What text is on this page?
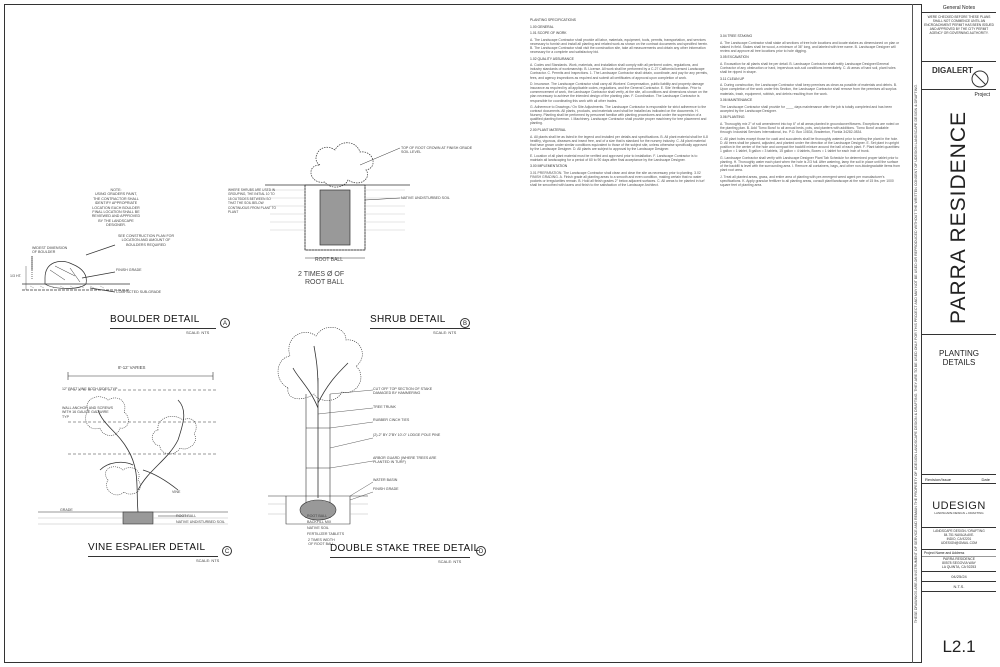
TOP OF ROOT CROWN AT FINISH GRADE SOIL LEVEL
NATIVE UNDISTURBED SOIL
WHERE SHRUBS ARE USED IN GROUPING, THE INITIAL 10 TO 18 OUTSIDES BETWEEN SO THAT THE SOIL BELOW CONTINUOUS FROM PLANT TO PLANT
ROOT BALL
2 TIMES Ø OF
ROOT BALL
SHRUB DETAIL
SCALE: NTS
B
NOTE:
USING GRADERS PAINT,
THE CONTRACTOR SHALL
IDENTIFY APPROPRIATE
LOCATION EACH BOULDER
FINAL LOCATION SHALL BE
REVIEWED AND APPROVED
BY THE LANDSCAPE
DESIGNER.
WIDEST DIMENSION OF BOULDER
SEE CONSTRUCTION PLAN FOR LOCATION AND AMOUNT OF BOULDERS REQUIRED
FINISH GRADE
COMPACTED SUB-GRADE
1/3 HT.
BOULDER DETAIL
SCALE: NTS
A
8'-12' VARIES
12" PAST VINE BOTH SIDES TYP
WALL ANCHOR AND SCREWS WITH 16 GAUGE GAL WIRE TYP
VINE
GRADE
ROOT BALL
NATIVE UNDISTURBED SOIL
VINE ESPALIER DETAIL
SCALE: NTS
C
CUT OFF TOP SECTION OF STAKE DAMAGED BY HAMMERING
TREE TRUNK
RUBBER CINCH TIES
(2)-2" BY 2"BY 10'-0" LODGE POLE PINE
ARBOR GUARD (WHERE TREES ARE PLANTED IN TURF)
WATER BASIN
FINISH GRADE
ROOT BALL
BACKFILL MIX
NATIVE SOIL
FERTILIZER TABLETS
2 TIMES WIDTH
OF ROOT BALL
DOUBLE STAKE TREE DETAIL
SCALE: NTS
D

PLANTING SPECIFICATIONS

1.00 GENERAL

1.01 SCOPE OF WORK

A. The Landscape Contractor shall provide all labor, materials, equipment, tools, permits, transportation, and services necessary to furnish and install all planting and related work as shown on the contract documents and specified herein. B. The Landscape Contractor shall visit the construction site, take all measurements and obtain any other information necessary for a complete and satisfactory bid.

1.02 QUALITY ASSURANCE

A. Codes and Standards. Work, materials, and installation shall comply with all pertinent codes, regulations, and industry standards of workmanship. B. License. All work shall be performed by a C-27 California licensed Landscape Contractor. C. Permits and Inspections. 1. The Landscape Contractor shall obtain, coordinate, and pay for any permits, fees, and agency inspections as required and submit all certificates of approval upon completion of work.

D. Insurance. The Landscape Contractor shall carry all Workers' Compensation, public liability and property damage insurance as required by all applicable codes, regulations, and the General Contractor. E. Site Verification. Prior to commencement of work, the Landscape Contractor shall verify, at the site, all conditions and dimensions shown on the plan necessary to achieve the intended design of the planting plan. F. Coordination. The Landscape Contractor is responsible for coordinating this work with all other trades.

G. Adherence to Drawings / On Site Adjustments. The Landscape Contractor is responsible for strict adherence to the contract documents. All plants, products, and materials used shall be installed as indicated on the documents. H. Nursery. Planting shall be performed by personnel familiar with planting procedures and under the supervision of a qualified planting foreman. I. Machinery. Landscape Contractor shall provide proper machinery for tree placement and planting.

2.00 PLANT MATERIAL

A. All plants shall be as listed in the legend and installed per details and specifications. B. All plant material shall be 6-8 healthy, vigorous, diseases and insect free, and of a size that is standard for the nursery industry. C. All plant material that have grown under similar conditions equivalent to those of the subject site, unless otherwise specifically approved by the Landscape Designer. D. All plants are subject to approval by the Landscape Designer.

E. Location of all plant material must be verified and approved prior to installation. F. Landscape Contractor is to maintain all landscaping for a period of 60 to 90 days after final acceptance by the Landscape Designer.

3.00 IMPLEMENTATION

3.01 PREPARATION. The Landscape Contractor shall clean and clear the site as necessary prior to planting. 3.02 FINISH GRADING. A. Finish grade all planting areas to a smooth and even condition, making certain that no water pockets or irregularities remain. B. Hold all finish grades 2" below adjacent surfaces. C. All areas to be planted in turf shall be smoothed with lawns and finish to the satisfaction of the Landscape Architect.

3.04 TREE STAKING

A. The Landscape Contractor shall stake all sections of tree hole locations and locate stakes as dimensioned on plan or staked in field. Stakes shall be wood, a minimum of 36" long, and labeled with tree name. B. Landscape Designer will review and approve all tree locations prior to hole digging.

3.05 EXCAVATION

A. Excavation for all plants shall be per detail. B. Landscape Contractor shall notify Landscape Designer/General Contractor of any obstruction or hard, impervious sub-soil conditions immediately. C. At areas of hard soil, plant holes shall be ripped in shape.

3.11 CLEAN UP

A. During construction, the Landscape Contractor shall keep premises as clean as possible of materials and debris. B. Upon completion of the work under this Section, the Landscape Contractor shall remove from the premises all surplus materials, trash, equipment, rubbish, and debris resulting from the work.

3.06 MAINTENANCE

The Landscape Contractor shall provide for ____ days maintenance after the job is totally completed and has been accepted by the Landscape Designer.

3.06 PLANTING

A. Thoroughly mix 2" of soil amendment into top 6" of all areas planted in groundcover/flowers. Exceptions are noted on the planting plan. B. Add 'Tomo Bond' to all annual beds, pots, and planters with additions. 'Tomo Bond' available through: Industrial Services International, Inc. P.O. Box 10834, Bradenton, Florida 34282-0834.

C. All plant holes except those for cacti and succulents shall be thoroughly watered prior to setting the plant in the hole. D. All trees shall be placed, adjusted, and planted under the direction of the Landscape Designer. E. Set plant in upright position in the center of the hole and compact the backfill mixture around the ball of each plant. F. Plant tablet quantities: 1 gallon = 1 tablet, 5 gallon = 3 tablets, 15 gallon = 4 tablets, Boxes = 1 tablet for each inch of trunk.

G. Landscape Contractor shall verify with Landscape Designer Plant Tab Schedule for determined proper tablet prior to planting. H. Thoroughly water each plant when the hole is 2/3 full. After watering, lamp the soil in place until the surface of the backfill is level with the surrounding area. I. Remove all containers, bags, and other non-biodegradable items from plant root area.

J. Treat all planted areas, grass, and entire area of planting with pre-emergent weed agent per manufacturer's specifications. K. Apply granular fertilizer to all planting areas, consult plant/landscape at the rate of 15 lbs. per 1000 square feet of planting area.	THESE DRAWINGS ARE AN INSTRUMENT OF SERVICE AND REMAIN THE PROPERTY OF UDESIGN LANDSCAPE DESIGN & DRAFTING. THEY ARE TO BE USED ONLY FOR THIS PROJECT AND MAY NOT BE USED OR REPRODUCED WITHOUT THE WRITTEN CONSENT OF UDESIGN LANDSCAPE DESIGN & DRAFTING.
General Notes
WERE CHECKED BEFORE THESE PLANS SHALL NOT COMMENCE UNTIL AN ENCROACHMENT PERMIT HAS BEEN ISSUED AND APPROVED BY THE CITY PERMIT AGENCY OR GOVERNING AUTHORITY.
DIGALERT
Project
PARRA RESIDENCE
PLANTING DETAILS
Revision/Issue	Date
UDESIGN
LANDSCAPE DESIGN + DRAFTING
LANDSCAPE DESIGN / DRAFTING
84-751 NAVAJA AVE.
INDIO, CA 92201
UDESIGN@GMAIL.COM
Project Name and Address
PARRA RESIDENCE
80578 SEGOVIA WAY
LA QUINTA, CA 92253
04/25/24
N.T.S.
L2.1
